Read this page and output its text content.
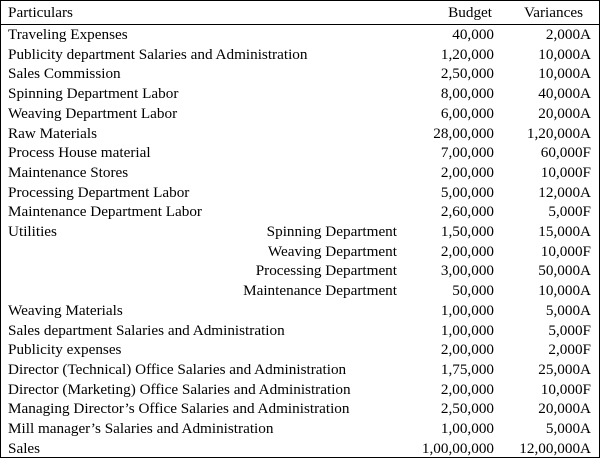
Particulars	Budget Variances
Traveling Expenses	40,000	2,000A
Publicity department Salaries and Administration	1,20,000	10,000A
Sales Commission	2,50,000	10,000A
Spinning Department Labor	8,00,000	40,000A
Weaving Department Labor	6,00,000	20,000A
Raw Materials	28,00,000 1,20,000A
Process House material	7,00,000	60,000F
Maintenance Stores	2,00,000	10,000F
Processing Department Labor	5,00,000	12,000A
Maintenance Department Labor	2,60,000	5,000F
Utilities	Spinning Department	1,50,000	15,000A
Weaving Department	2,00,000	10,000F
Processing Department	3,00,000	50,000A
Maintenance Department	50,000	10,000A
Weaving Materials	1,00,000	5,000A
Sales department Salaries and Administration	1,00,000	5,000F
Publicity expenses	2,00,000	2,000F
Director (Technical) Office Salaries and Administration	1,75,000	25,000A
Director (Marketing) Office Salaries and Administration	2,00,000	10,000F
Managing Director’s Office Salaries and Administration	2,50,000	20,000A
Mill manager’s Salaries and Administration	1,00,000	5,000A
Sales	1,00,00,000 12,00,000A
